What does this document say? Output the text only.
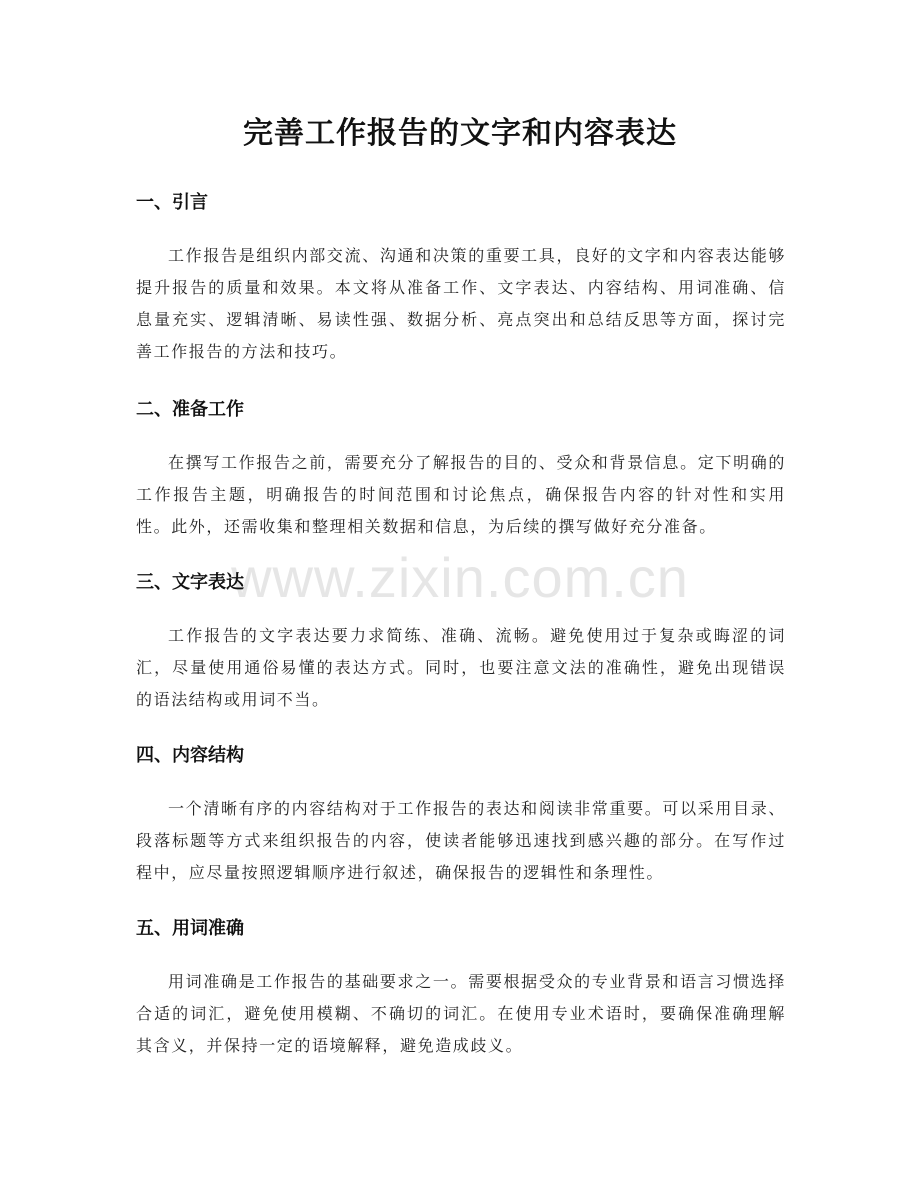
www.zixin.com.cn
完善工作报告的文字和内容表达
一、引言

工作报告是组织内部交流、沟通和决策的重要工具，良好的文字和内容表达能够提升报告的质量和效果。本文将从准备工作、文字表达、内容结构、用词准确、信息量充实、逻辑清晰、易读性强、数据分析、亮点突出和总结反思等方面，探讨完善工作报告的方法和技巧。

二、准备工作

在撰写工作报告之前，需要充分了解报告的目的、受众和背景信息。定下明确的工作报告主题，明确报告的时间范围和讨论焦点，确保报告内容的针对性和实用性。此外，还需收集和整理相关数据和信息，为后续的撰写做好充分准备。

三、文字表达

工作报告的文字表达要力求简练、准确、流畅。避免使用过于复杂或晦涩的词汇，尽量使用通俗易懂的表达方式。同时，也要注意文法的准确性，避免出现错误的语法结构或用词不当。

四、内容结构

一个清晰有序的内容结构对于工作报告的表达和阅读非常重要。可以采用目录、段落标题等方式来组织报告的内容，使读者能够迅速找到感兴趣的部分。在写作过程中，应尽量按照逻辑顺序进行叙述，确保报告的逻辑性和条理性。

五、用词准确

用词准确是工作报告的基础要求之一。需要根据受众的专业背景和语言习惯选择合适的词汇，避免使用模糊、不确切的词汇。在使用专业术语时，要确保准确理解其含义，并保持一定的语境解释，避免造成歧义。
